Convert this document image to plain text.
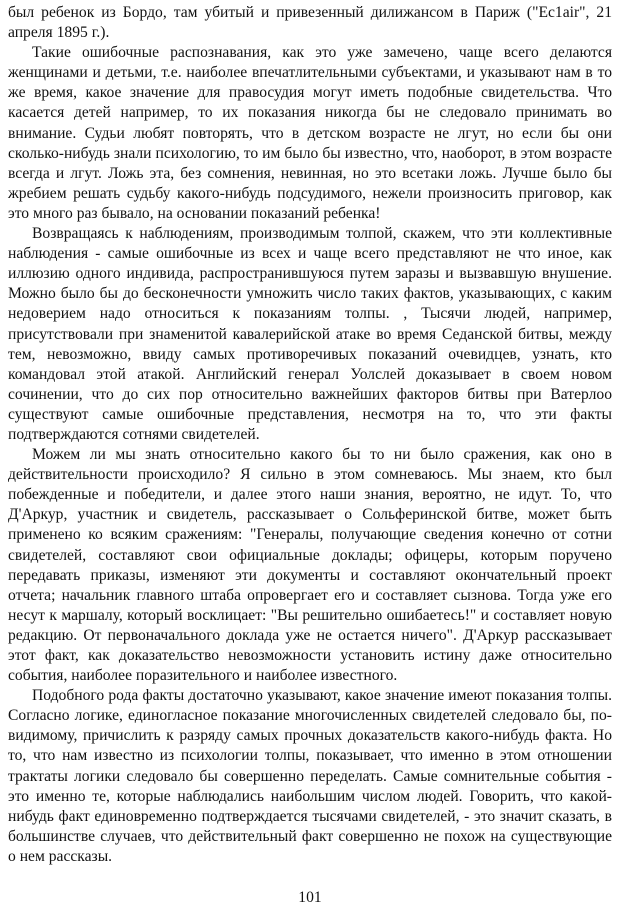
был ребенок из Бордо, там убитый и привезенный дилижансом в Париж ("Ec1air", 21 апреля 1895 г.).

Такие ошибочные распознавания, как это уже замечено, чаще всего делаются женщинами и детьми, т.е. наиболее впечатлительными субъектами, и указывают нам в то же время, какое значение для правосудия могут иметь подобные свидетельства. Что касается детей например, то их показания никогда бы не следовало принимать во внимание. Судьи любят повторять, что в детском возрасте не лгут, но если бы они сколько-нибудь знали психологию, то им было бы известно, что, наоборот, в этом возрасте всегда и лгут. Ложь эта, без сомнения, невинная, но это всетаки ложь. Лучше было бы жребием решать судьбу какого-нибудь подсудимого, нежели произносить приговор, как это много раз бывало, на основании показаний ребенка!

Возвращаясь к наблюдениям, производимым толпой, скажем, что эти коллективные наблюдения - самые ошибочные из всех и чаще всего представляют не что иное, как иллюзию одного индивида, распространившуюся путем заразы и вызвавшую внушение. Можно было бы до бесконечности умножить число таких фактов, указывающих, с каким недоверием надо относиться к показаниям толпы. , Тысячи людей, например, присутствовали при знаменитой кавалерийской атаке во время Седанской битвы, между тем, невозможно, ввиду самых противоречивых показаний очевидцев, узнать, кто командовал этой атакой. Английский генерал Уолслей доказывает в своем новом сочинении, что до сих пор относительно важнейших факторов битвы при Ватерлоо существуют самые ошибочные представления, несмотря на то, что эти факты подтверждаются сотнями свидетелей.

Можем ли мы знать относительно какого бы то ни было сражения, как оно в действительности происходило? Я сильно в этом сомневаюсь. Мы знаем, кто был побежденные и победители, и далее этого наши знания, вероятно, не идут. То, что Д'Аркур, участник и свидетель, рассказывает о Сольферинской битве, может быть применено ко всяким сражениям: "Генералы, получающие сведения конечно от сотни свидетелей, составляют свои официальные доклады; офицеры, которым поручено передавать приказы, изменяют эти документы и составляют окончательный проект отчета; начальник главного штаба опровергает его и составляет сызнова. Тогда уже его несут к маршалу, который восклицает: "Вы решительно ошибаетесь!" и составляет новую редакцию. От первоначального доклада уже не остается ничего". Д'Аркур рассказывает этот факт, как доказательство невозможности установить истину даже относительно события, наиболее поразительного и наиболее известного.

Подобного рода факты достаточно указывают, какое значение имеют показания толпы. Согласно логике, единогласное показание многочисленных свидетелей следовало бы, по-видимому, причислить к разряду самых прочных доказательств какого-нибудь факта. Но то, что нам известно из психологии толпы, показывает, что именно в этом отношении трактаты логики следовало бы совершенно переделать. Самые сомнительные события - это именно те, которые наблюдались наибольшим числом людей. Говорить, что какой-нибудь факт единовременно подтверждается тысячами свидетелей, - это значит сказать, в большинстве случаев, что действительный факт совершенно не похож на существующие о нем рассказы.

101
